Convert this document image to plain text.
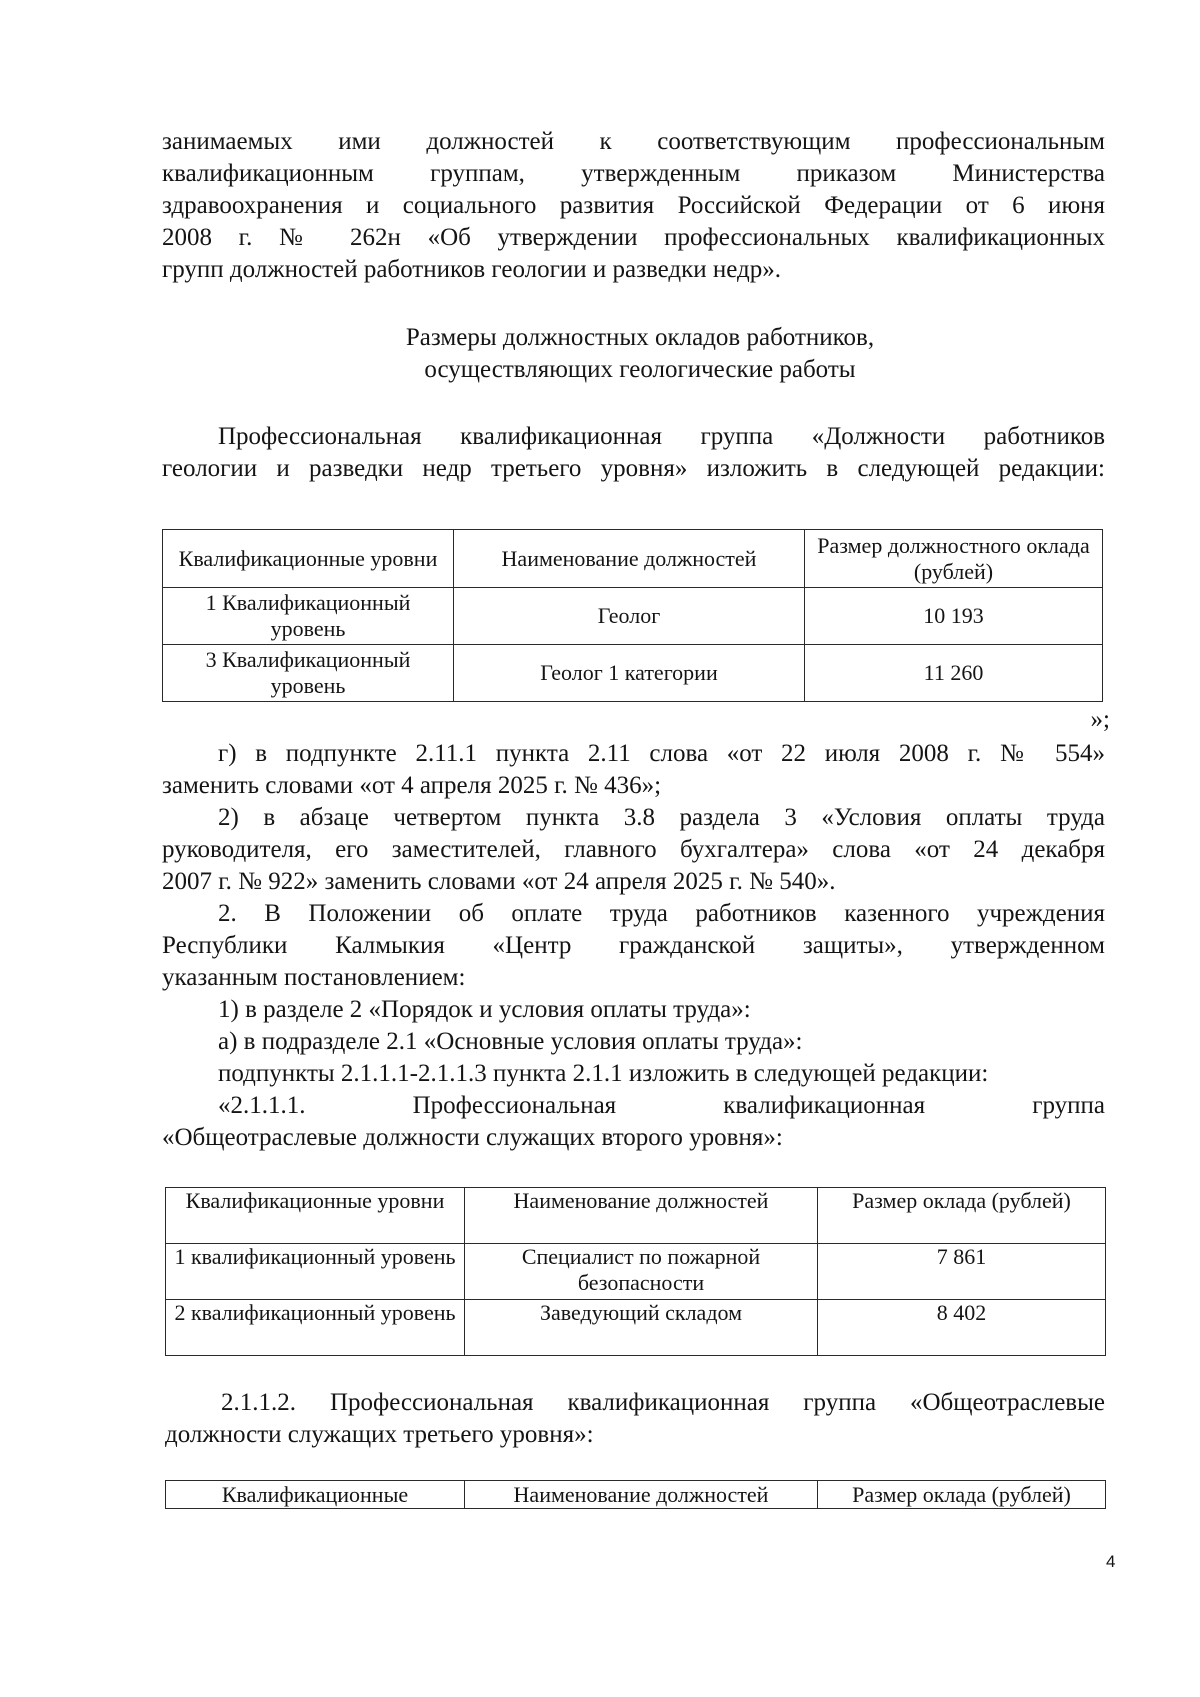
занимаемых ими должностей к соответствующим профессиональным
квалификационным группам, утвержденным приказом Министерства
здравоохранения и социального развития Российской Федерации от 6 июня
2008 г. № 262н «Об утверждении профессиональных квалификационных
групп должностей работников геологии и разведки недр».
Размеры должностных окладов работников,
осуществляющих геологические работы
Профессиональная квалификационная группа «Должности работников
геологии и разведки недр третьего уровня» изложить в следующей редакции:
Квалификационные уровни	Наименование должностей	Размер должностного оклада (рублей)
1 Квалификационный уровень	Геолог	10 193
3 Квалификационный уровень	Геолог 1 категории	11 260
»;
г) в подпункте 2.11.1 пункта 2.11 слова «от 22 июля 2008 г. № 554»
заменить словами «от 4 апреля 2025 г. № 436»;
2) в абзаце четвертом пункта 3.8 раздела 3 «Условия оплаты труда
руководителя, его заместителей, главного бухгалтера» слова «от 24 декабря
2007 г. № 922» заменить словами «от 24 апреля 2025 г. № 540».
2. В Положении об оплате труда работников казенного учреждения
Республики Калмыкия «Центр гражданской защиты», утвержденном
указанным постановлением:
1) в разделе 2 «Порядок и условия оплаты труда»:
а) в подразделе 2.1 «Основные условия оплаты труда»:
подпункты 2.1.1.1-2.1.1.3 пункта 2.1.1 изложить в следующей редакции:
«2.1.1.1. Профессиональная квалификационная группа
«Общеотраслевые должности служащих второго уровня»:
Квалификационные уровни	Наименование должностей	Размер оклада (рублей)
1 квалификационный уровень	Специалист по пожарной безопасности	7 861
2 квалификационный уровень	Заведующий складом	8 402
2.1.1.2. Профессиональная квалификационная группа «Общеотраслевые
должности служащих третьего уровня»:
Квалификационные	Наименование должностей	Размер оклада (рублей)
4
